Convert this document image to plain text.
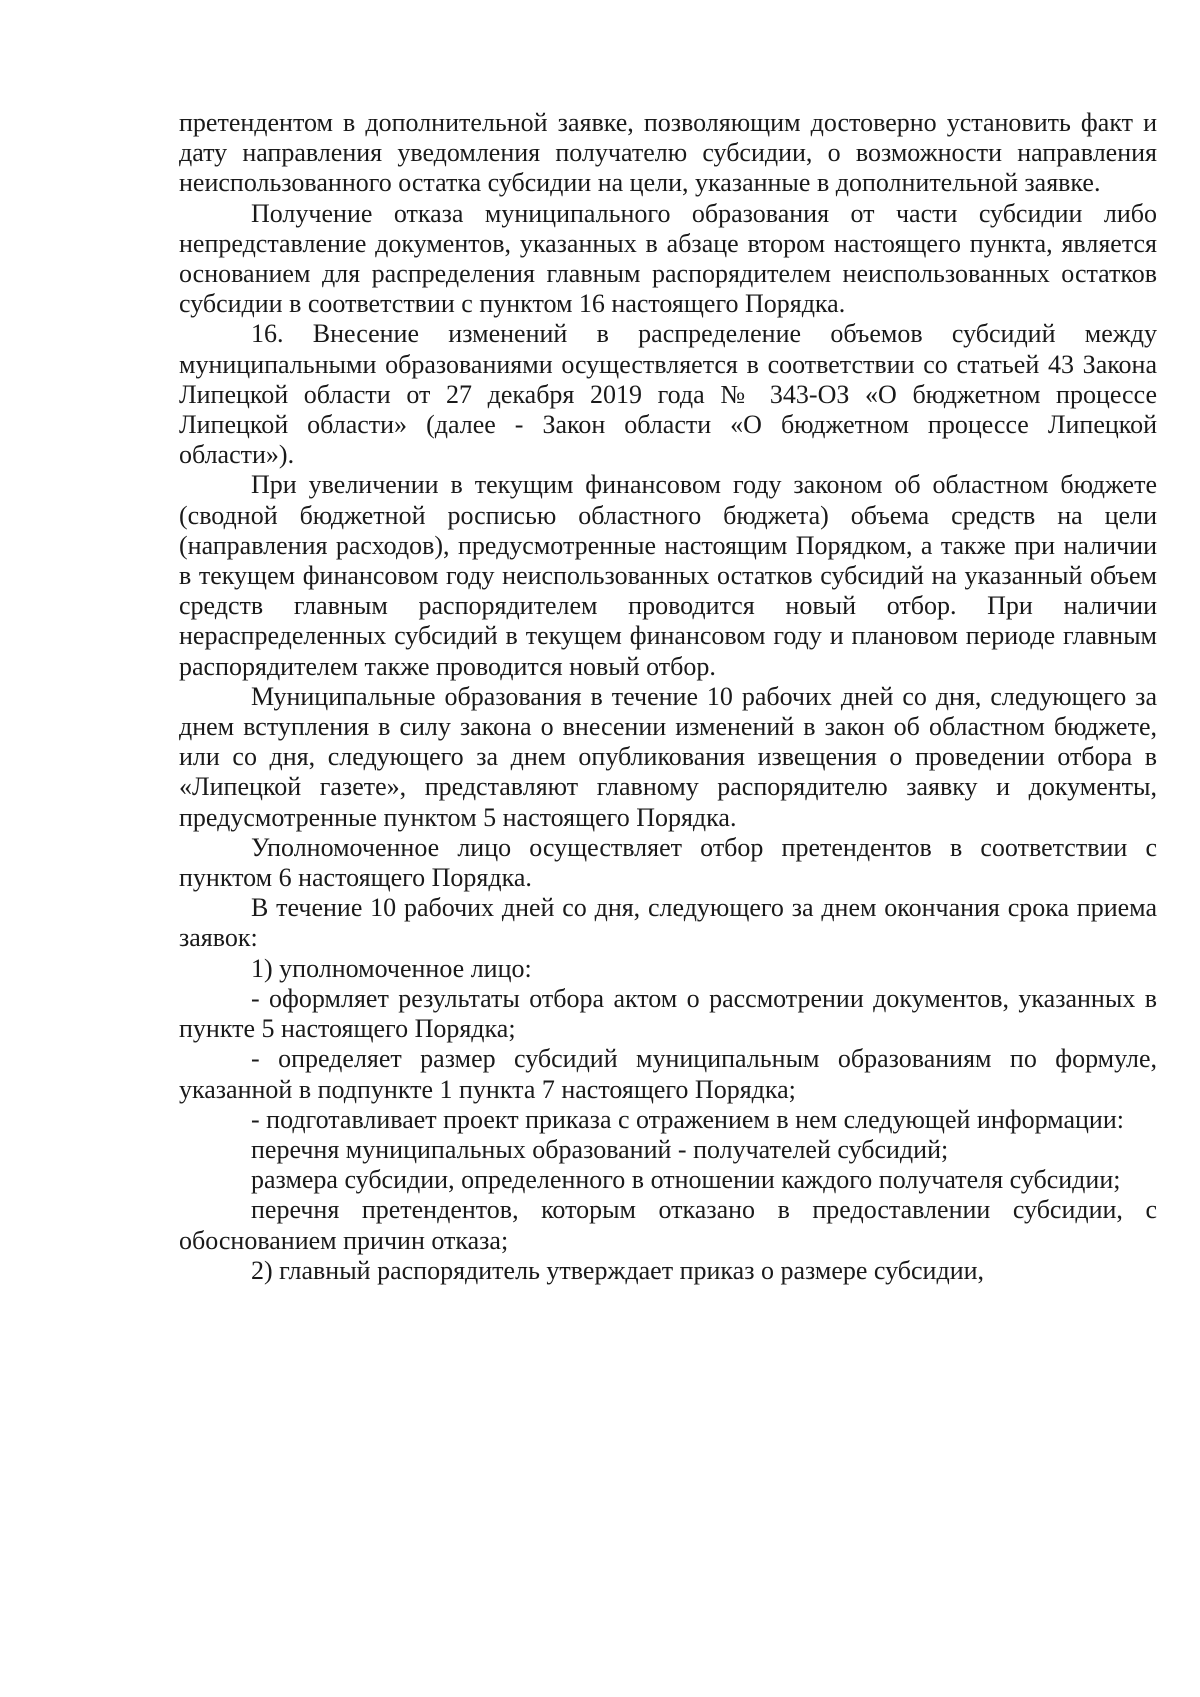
претендентом в дополнительной заявке, позволяющим достоверно установить факт и дату направления уведомления получателю субсидии, о возможности направления неиспользованного остатка субсидии на цели, указанные в дополнительной заявке.

Получение отказа муниципального образования от части субсидии либо непредставление документов, указанных в абзаце втором настоящего пункта, является основанием для распределения главным распорядителем неиспользованных остатков субсидии в соответствии с пунктом 16 настоящего Порядка.

16. Внесение изменений в распределение объемов субсидий между муниципальными образованиями осуществляется в соответствии со статьей 43 Закона Липецкой области от 27 декабря 2019 года № 343-ОЗ «О бюджетном процессе Липецкой области» (далее - Закон области «О бюджетном процессе Липецкой области»).

При увеличении в текущим финансовом году законом об областном бюджете (сводной бюджетной росписью областного бюджета) объема средств на цели (направления расходов), предусмотренные настоящим Порядком, а также при наличии в текущем финансовом году неиспользованных остатков субсидий на указанный объем средств главным распорядителем проводится новый отбор. При наличии нераспределенных субсидий в текущем финансовом году и плановом периоде главным распорядителем также проводится новый отбор.

Муниципальные образования в течение 10 рабочих дней со дня, следующего за днем вступления в силу закона о внесении изменений в закон об областном бюджете, или со дня, следующего за днем опубликования извещения о проведении отбора в «Липецкой газете», представляют главному распорядителю заявку и документы, предусмотренные пунктом 5 настоящего Порядка.

Уполномоченное лицо осуществляет отбор претендентов в соответствии с пунктом 6 настоящего Порядка.

В течение 10 рабочих дней со дня, следующего за днем окончания срока приема заявок:

1) уполномоченное лицо:

- оформляет результаты отбора актом о рассмотрении документов, указанных в пункте 5 настоящего Порядка;

- определяет размер субсидий муниципальным образованиям по формуле, указанной в подпункте 1 пункта 7 настоящего Порядка;

- подготавливает проект приказа с отражением в нем следующей информации:

перечня муниципальных образований - получателей субсидий;

размера субсидии, определенного в отношении каждого получателя субсидии;

перечня претендентов, которым отказано в предоставлении субсидии, с обоснованием причин отказа;

2) главный распорядитель утверждает приказ о размере субсидии,
